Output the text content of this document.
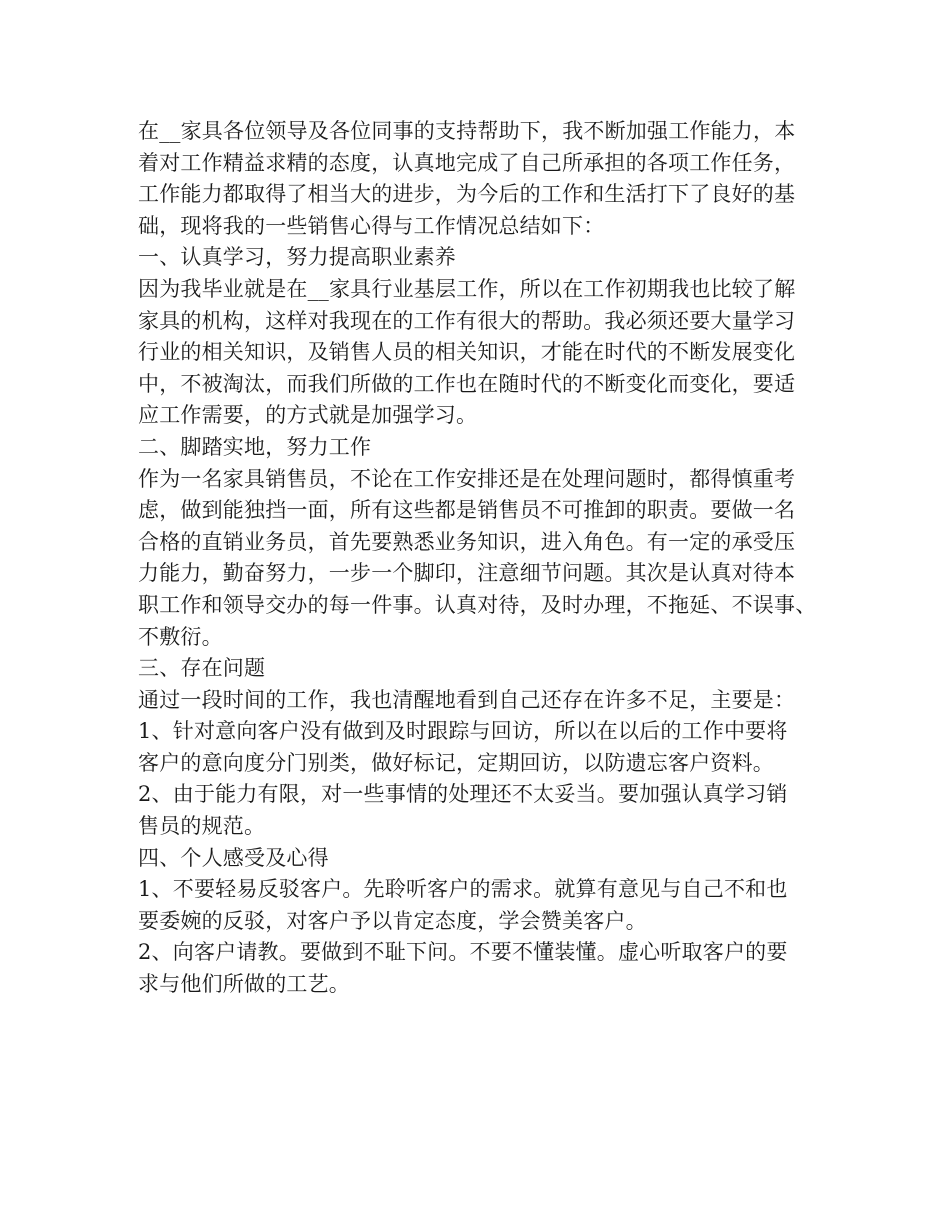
在__家具各位领导及各位同事的支持帮助下，我不断加强工作能力，本

着对工作精益求精的态度，认真地完成了自己所承担的各项工作任务，

工作能力都取得了相当大的进步，为今后的工作和生活打下了良好的基

础，现将我的一些销售心得与工作情况总结如下：

一、认真学习，努力提高职业素养

因为我毕业就是在__家具行业基层工作，所以在工作初期我也比较了解

家具的机构，这样对我现在的工作有很大的帮助。我必须还要大量学习

行业的相关知识，及销售人员的相关知识，才能在时代的不断发展变化

中，不被淘汰，而我们所做的工作也在随时代的不断变化而变化，要适

应工作需要，的方式就是加强学习。

二、脚踏实地，努力工作

作为一名家具销售员，不论在工作安排还是在处理问题时，都得慎重考

虑，做到能独挡一面，所有这些都是销售员不可推卸的职责。要做一名

合格的直销业务员，首先要熟悉业务知识，进入角色。有一定的承受压

力能力，勤奋努力，一步一个脚印，注意细节问题。其次是认真对待本

职工作和领导交办的每一件事。认真对待，及时办理，不拖延、不误事、

不敷衍。

三、存在问题

通过一段时间的工作，我也清醒地看到自己还存在许多不足，主要是：

1、针对意向客户没有做到及时跟踪与回访，所以在以后的工作中要将

客户的意向度分门别类，做好标记，定期回访，以防遗忘客户资料。

2、由于能力有限，对一些事情的处理还不太妥当。要加强认真学习销

售员的规范。

四、个人感受及心得

1、不要轻易反驳客户。先聆听客户的需求。就算有意见与自己不和也

要委婉的反驳，对客户予以肯定态度，学会赞美客户。

2、向客户请教。要做到不耻下问。不要不懂装懂。虚心听取客户的要

求与他们所做的工艺。
